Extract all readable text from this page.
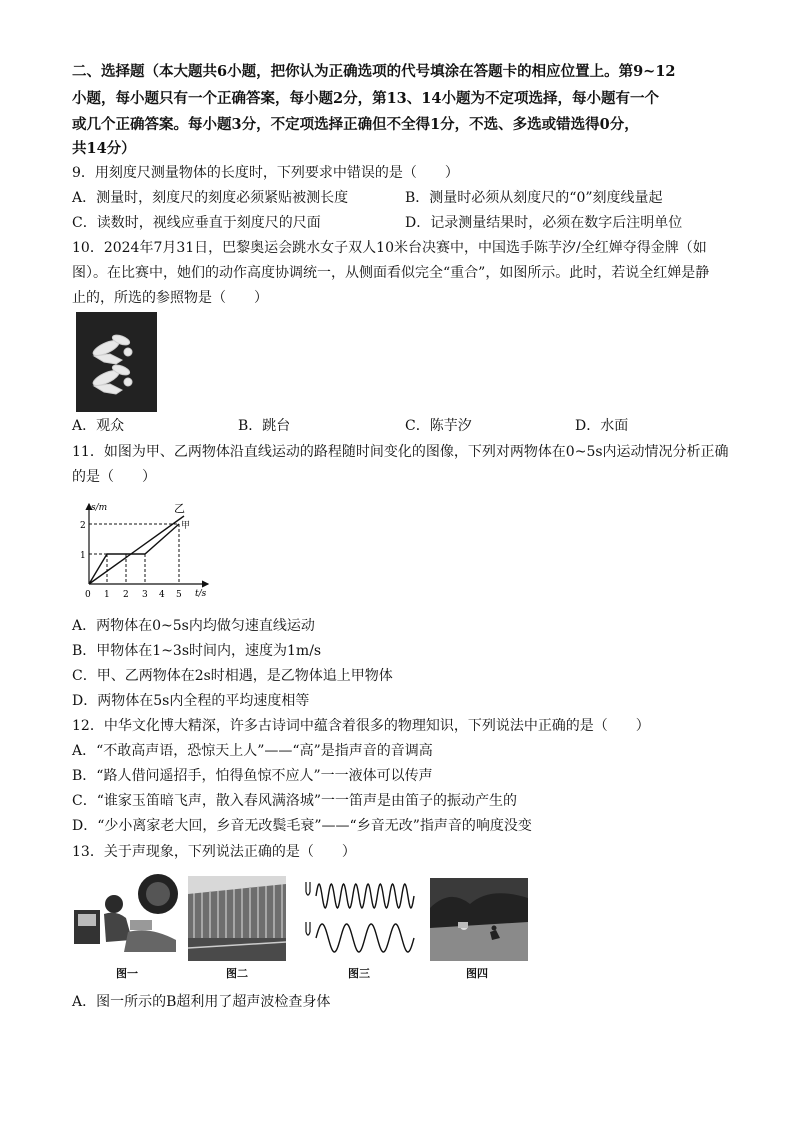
二、选择题（本大题共6小题，把你认为正确选项的代号填涂在答题卡的相应位置上。第9~12
小题，每小题只有一个正确答案，每小题2分，第13、14小题为不定项选择，每小题有一个
或几个正确答案。每小题3分，不定项选择正确但不全得1分，不选、多选或错选得0分，
共14分）
9．用刻度尺测量物体的长度时，下列要求中错误的是（　　）
A．测量时，刻度尺的刻度必须紧贴被测长度	B．测量时必须从刻度尺的“0”刻度线量起
C．读数时，视线应垂直于刻度尺的尺面	D．记录测量结果时，必须在数字后注明单位
10．2024年7月31日，巴黎奥运会跳水女子双人10米台决赛中，中国选手陈芋汐/全红婵夺得金牌（如
图）。在比赛中，她们的动作高度协调统一，从侧面看似完全“重合”，如图所示。此时，若说全红婵是静
止的，所选的参照物是（　　）
A．观众	B．跳台	C．陈芋汐	D．水面
11．如图为甲、乙两物体沿直线运动的路程随时间变化的图像，下列对两物体在0~5s内运动情况分析正确
的是（　　）
s/m
t/s
乙
甲
2
1
0 1 2 3 4 5
A．两物体在0~5s内均做匀速直线运动
B．甲物体在1~3s时间内，速度为1m/s
C．甲、乙两物体在2s时相遇，是乙物体追上甲物体
D．两物体在5s内全程的平均速度相等
12．中华文化博大精深，许多古诗词中蕴含着很多的物理知识，下列说法中正确的是（　　）
A．“不敢高声语，恐惊天上人”——“高”是指声音的音调高
B．“路人借问遥招手，怕得鱼惊不应人”一一液体可以传声
C．“谁家玉笛暗飞声，散入春风满洛城”一一笛声是由笛子的振动产生的
D．“少小离家老大回，乡音无改鬓毛衰”——“乡音无改”指声音的响度没变
13．关于声现象，下列说法正确的是（　　）
图一	图二	图三	图四
A．图一所示的B超利用了超声波检查身体
